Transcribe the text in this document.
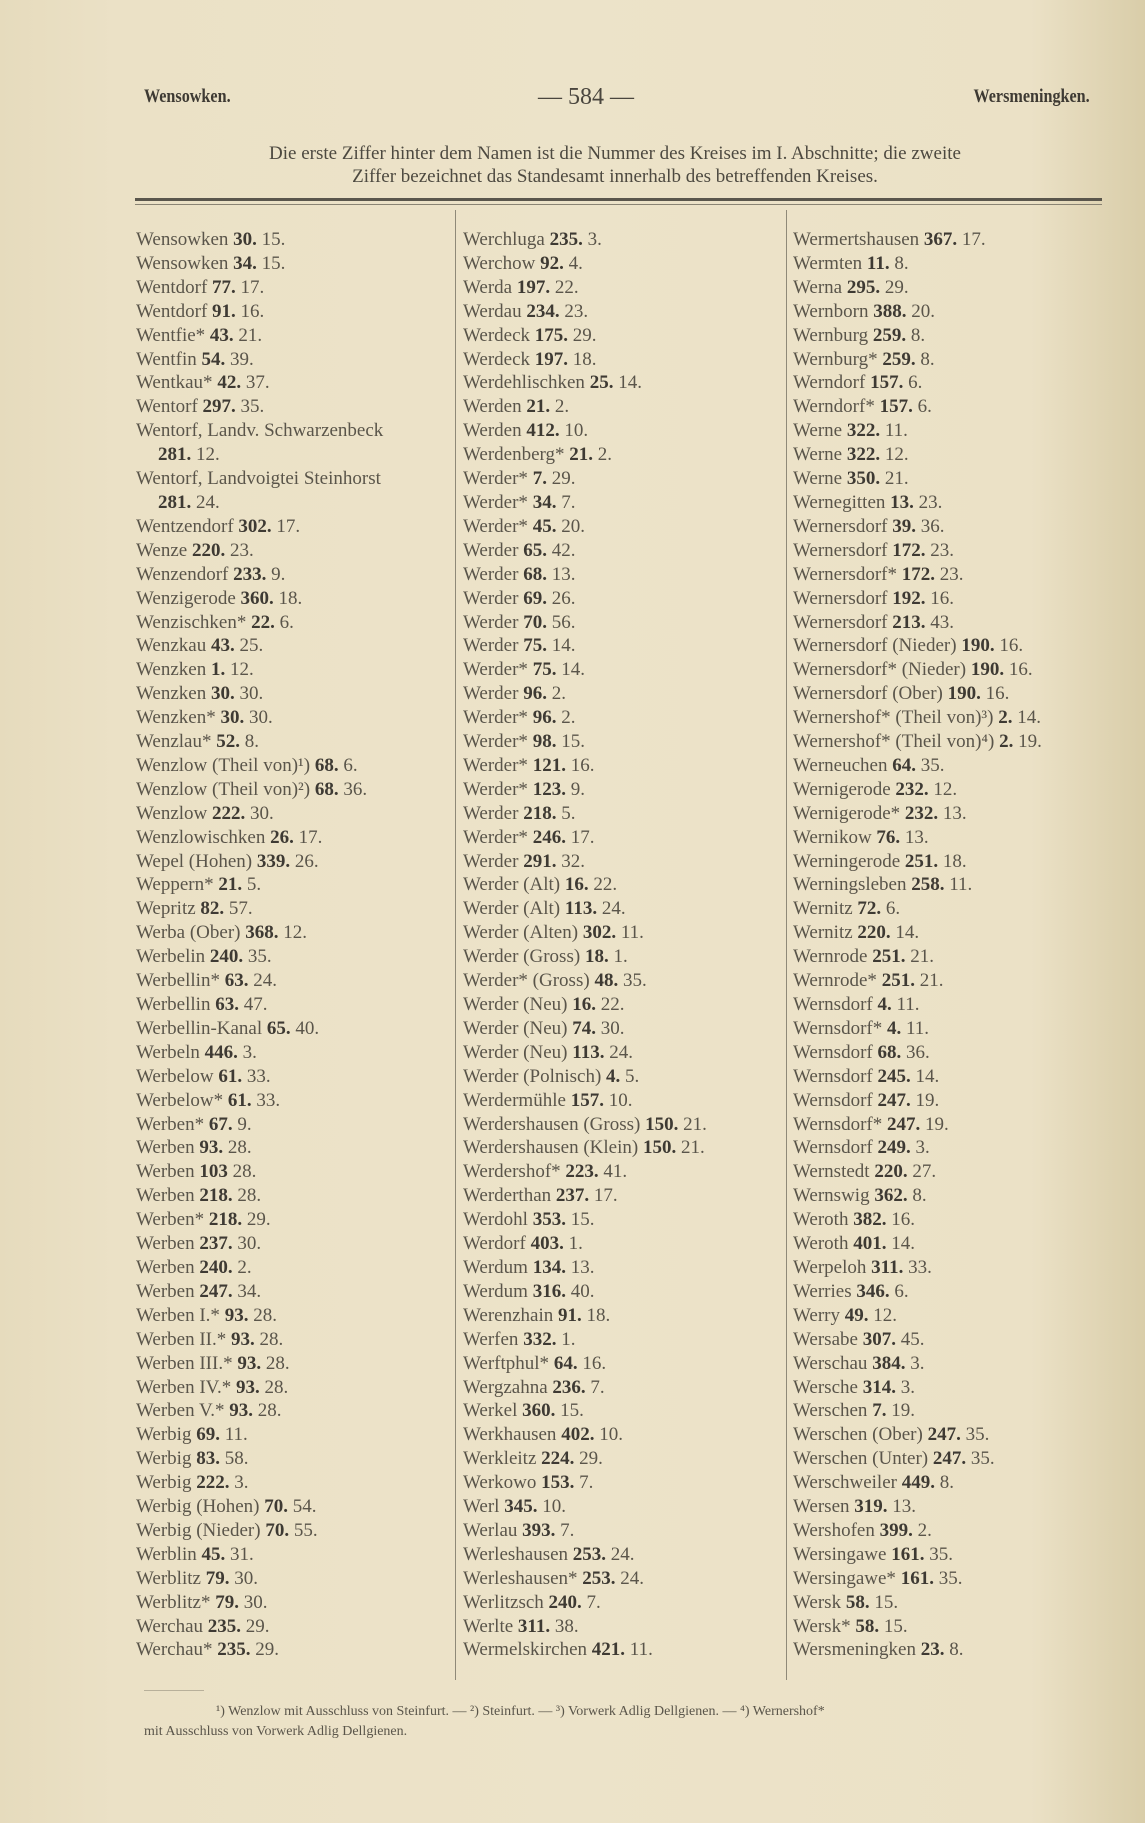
Wensowken.	— 584 —	Wersmeningken.
Die erste Ziffer hinter dem Namen ist die Nummer des Kreises im I. Abschnitte; die zweite
Ziffer bezeichnet das Standesamt innerhalb des betreffenden Kreises.
Wensowken 30. 15.
Wensowken 34. 15.
Wentdorf 77. 17.
Wentdorf 91. 16.
Wentfie* 43. 21.
Wentfin 54. 39.
Wentkau* 42. 37.
Wentorf 297. 35.
Wentorf, Landv. Schwarzenbeck
281. 12.
Wentorf, Landvoigtei Steinhorst
281. 24.
Wentzendorf 302. 17.
Wenze 220. 23.
Wenzendorf 233. 9.
Wenzigerode 360. 18.
Wenzischken* 22. 6.
Wenzkau 43. 25.
Wenzken 1. 12.
Wenzken 30. 30.
Wenzken* 30. 30.
Wenzlau* 52. 8.
Wenzlow (Theil von)¹) 68. 6.
Wenzlow (Theil von)²) 68. 36.
Wenzlow 222. 30.
Wenzlowischken 26. 17.
Wepel (Hohen) 339. 26.
Weppern* 21. 5.
Wepritz 82. 57.
Werba (Ober) 368. 12.
Werbelin 240. 35.
Werbellin* 63. 24.
Werbellin 63. 47.
Werbellin-Kanal 65. 40.
Werbeln 446. 3.
Werbelow 61. 33.
Werbelow* 61. 33.
Werben* 67. 9.
Werben 93. 28.
Werben 103 28.
Werben 218. 28.
Werben* 218. 29.
Werben 237. 30.
Werben 240. 2.
Werben 247. 34.
Werben I.* 93. 28.
Werben II.* 93. 28.
Werben III.* 93. 28.
Werben IV.* 93. 28.
Werben V.* 93. 28.
Werbig 69. 11.
Werbig 83. 58.
Werbig 222. 3.
Werbig (Hohen) 70. 54.
Werbig (Nieder) 70. 55.
Werblin 45. 31.
Werblitz 79. 30.
Werblitz* 79. 30.
Werchau 235. 29.
Werchau* 235. 29.
Werchluga 235. 3.
Werchow 92. 4.
Werda 197. 22.
Werdau 234. 23.
Werdeck 175. 29.
Werdeck 197. 18.
Werdehlischken 25. 14.
Werden 21. 2.
Werden 412. 10.
Werdenberg* 21. 2.
Werder* 7. 29.
Werder* 34. 7.
Werder* 45. 20.
Werder 65. 42.
Werder 68. 13.
Werder 69. 26.
Werder 70. 56.
Werder 75. 14.
Werder* 75. 14.
Werder 96. 2.
Werder* 96. 2.
Werder* 98. 15.
Werder* 121. 16.
Werder* 123. 9.
Werder 218. 5.
Werder* 246. 17.
Werder 291. 32.
Werder (Alt) 16. 22.
Werder (Alt) 113. 24.
Werder (Alten) 302. 11.
Werder (Gross) 18. 1.
Werder* (Gross) 48. 35.
Werder (Neu) 16. 22.
Werder (Neu) 74. 30.
Werder (Neu) 113. 24.
Werder (Polnisch) 4. 5.
Werdermühle 157. 10.
Werdershausen (Gross) 150. 21.
Werdershausen (Klein) 150. 21.
Werdershof* 223. 41.
Werderthan 237. 17.
Werdohl 353. 15.
Werdorf 403. 1.
Werdum 134. 13.
Werdum 316. 40.
Werenzhain 91. 18.
Werfen 332. 1.
Werftphul* 64. 16.
Wergzahna 236. 7.
Werkel 360. 15.
Werkhausen 402. 10.
Werkleitz 224. 29.
Werkowo 153. 7.
Werl 345. 10.
Werlau 393. 7.
Werleshausen 253. 24.
Werleshausen* 253. 24.
Werlitzsch 240. 7.
Werlte 311. 38.
Wermelskirchen 421. 11.
Wermertshausen 367. 17.
Wermten 11. 8.
Werna 295. 29.
Wernborn 388. 20.
Wernburg 259. 8.
Wernburg* 259. 8.
Werndorf 157. 6.
Werndorf* 157. 6.
Werne 322. 11.
Werne 322. 12.
Werne 350. 21.
Wernegitten 13. 23.
Wernersdorf 39. 36.
Wernersdorf 172. 23.
Wernersdorf* 172. 23.
Wernersdorf 192. 16.
Wernersdorf 213. 43.
Wernersdorf (Nieder) 190. 16.
Wernersdorf* (Nieder) 190. 16.
Wernersdorf (Ober) 190. 16.
Wernershof* (Theil von)³) 2. 14.
Wernershof* (Theil von)⁴) 2. 19.
Werneuchen 64. 35.
Wernigerode 232. 12.
Wernigerode* 232. 13.
Wernikow 76. 13.
Werningerode 251. 18.
Werningsleben 258. 11.
Wernitz 72. 6.
Wernitz 220. 14.
Wernrode 251. 21.
Wernrode* 251. 21.
Wernsdorf 4. 11.
Wernsdorf* 4. 11.
Wernsdorf 68. 36.
Wernsdorf 245. 14.
Wernsdorf 247. 19.
Wernsdorf* 247. 19.
Wernsdorf 249. 3.
Wernstedt 220. 27.
Wernswig 362. 8.
Weroth 382. 16.
Weroth 401. 14.
Werpeloh 311. 33.
Werries 346. 6.
Werry 49. 12.
Wersabe 307. 45.
Werschau 384. 3.
Wersche 314. 3.
Werschen 7. 19.
Werschen (Ober) 247. 35.
Werschen (Unter) 247. 35.
Werschweiler 449. 8.
Wersen 319. 13.
Wershofen 399. 2.
Wersingawe 161. 35.
Wersingawe* 161. 35.
Wersk 58. 15.
Wersk* 58. 15.
Wersmeningken 23. 8.
¹) Wenzlow mit Ausschluss von Steinfurt. — ²) Steinfurt. — ³) Vorwerk Adlig Dellgienen. — ⁴) Wernershof*
mit Ausschluss von Vorwerk Adlig Dellgienen.
